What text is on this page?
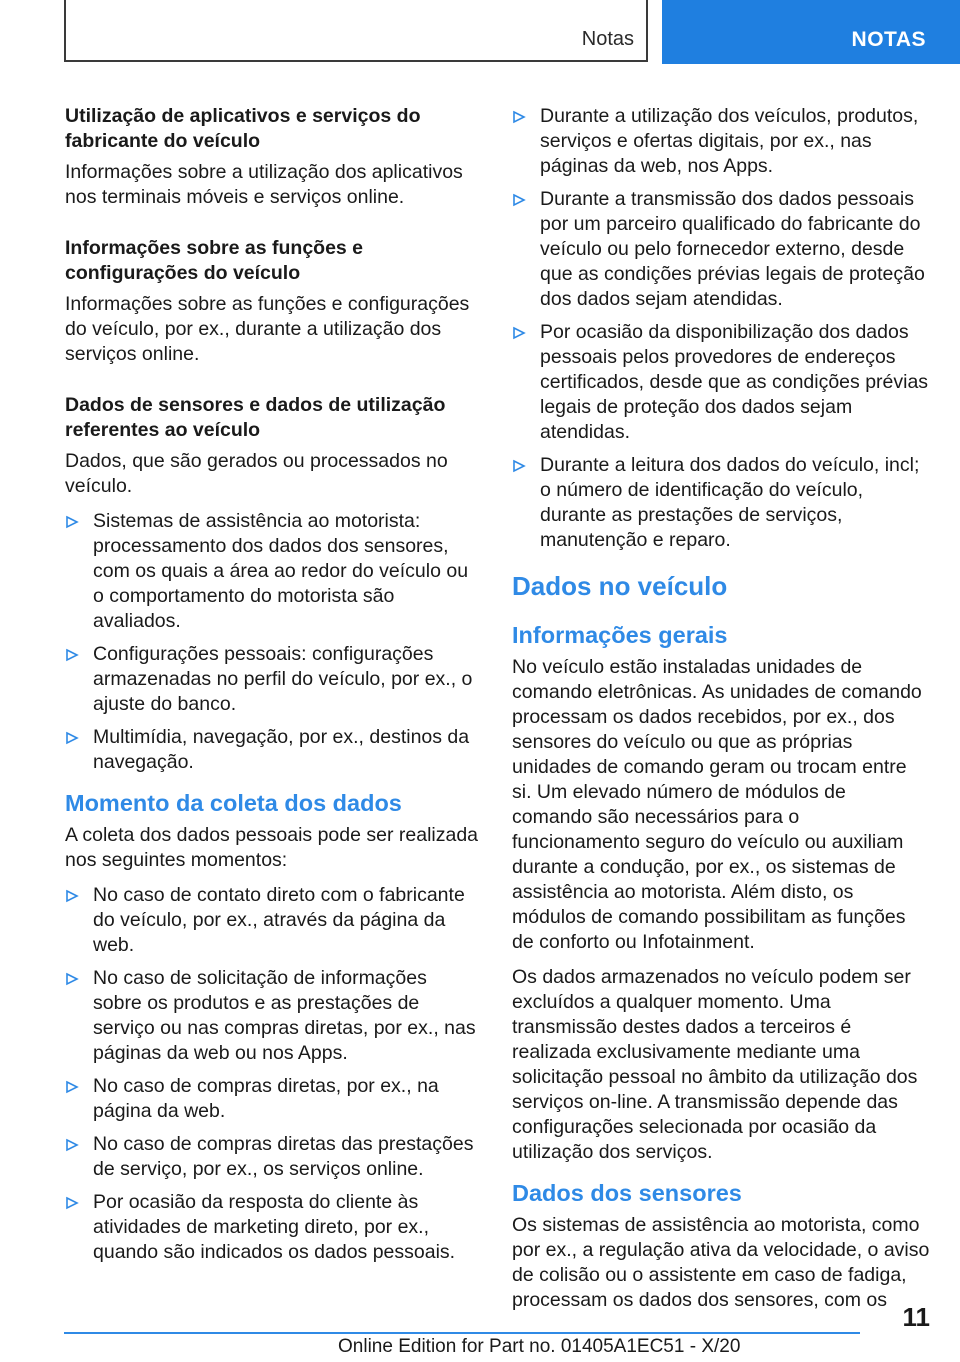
Notas	NOTAS
Utilização de aplicativos e serviços do fabricante do veículo
Informações sobre a utilização dos aplicativos nos terminais móveis e serviços online.
Informações sobre as funções e configurações do veículo
Informações sobre as funções e configurações do veículo, por ex., durante a utilização dos serviços online.
Dados de sensores e dados de utilização referentes ao veículo
Dados, que são gerados ou processados no veículo.
Sistemas de assistência ao motorista: processamento dos dados dos sensores, com os quais a área ao redor do veículo ou o comportamento do motorista são avaliados.
Configurações pessoais: configurações armazenadas no perfil do veículo, por ex., o ajuste do banco.
Multimídia, navegação, por ex., destinos da navegação.
Momento da coleta dos dados
A coleta dos dados pessoais pode ser realizada nos seguintes momentos:
No caso de contato direto com o fabricante do veículo, por ex., através da página da web.
No caso de solicitação de informações sobre os produtos e as prestações de serviço ou nas compras diretas, por ex., nas páginas da web ou nos Apps.
No caso de compras diretas, por ex., na página da web.
No caso de compras diretas das prestações de serviço, por ex., os serviços online.
Por ocasião da resposta do cliente às atividades de marketing direto, por ex., quando são indicados os dados pessoais.
Durante a utilização dos veículos, produtos, serviços e ofertas digitais, por ex., nas páginas da web, nos Apps.
Durante a transmissão dos dados pessoais por um parceiro qualificado do fabricante do veículo ou pelo fornecedor externo, desde que as condições prévias legais de proteção dos dados sejam atendidas.
Por ocasião da disponibilização dos dados pessoais pelos provedores de endereços certificados, desde que as condições prévias legais de proteção dos dados sejam atendidas.
Durante a leitura dos dados do veículo, incl; o número de identificação do veículo, durante as prestações de serviços, manutenção e reparo.
Dados no veículo
Informações gerais
No veículo estão instaladas unidades de comando eletrônicas. As unidades de comando processam os dados recebidos, por ex., dos sensores do veículo ou que as próprias unidades de comando geram ou trocam entre si. Um elevado número de módulos de comando são necessários para o funcionamento seguro do veículo ou auxiliam durante a condução, por ex., os sistemas de assistência ao motorista. Além disto, os módulos de comando possibilitam as funções de conforto ou Infotainment.
Os dados armazenados no veículo podem ser excluídos a qualquer momento. Uma transmissão destes dados a terceiros é realizada exclusivamente mediante uma solicitação pessoal no âmbito da utilização dos serviços on-line. A transmissão depende das configurações selecionada por ocasião da utilização dos serviços.
Dados dos sensores
Os sistemas de assistência ao motorista, como por ex., a regulação ativa da velocidade, o aviso de colisão ou o assistente em caso de fadiga, processam os dados dos sensores, com os
11
Online Edition for Part no. 01405A1EC51 - X/20
